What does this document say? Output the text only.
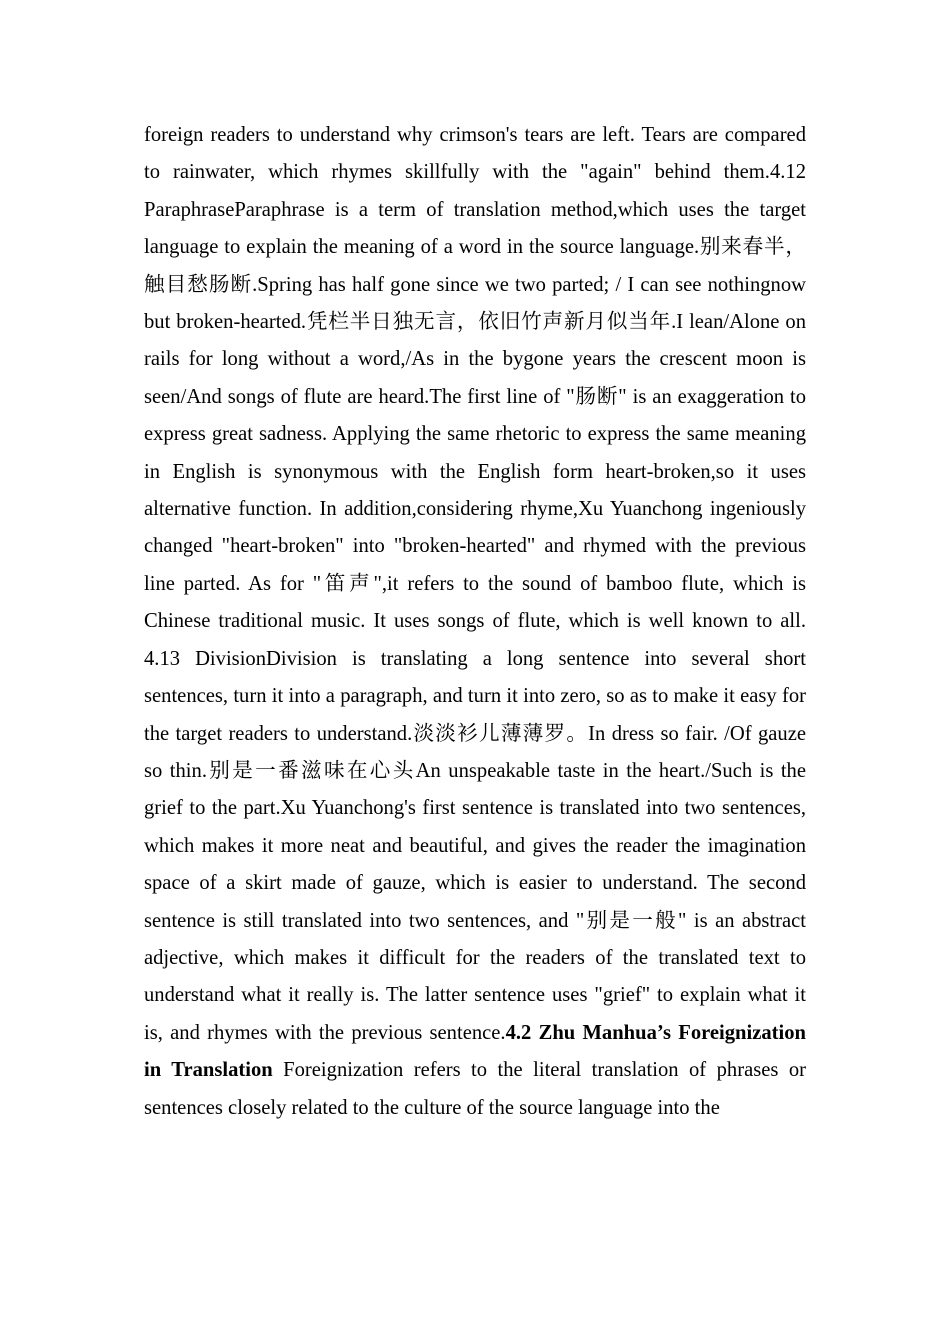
foreign readers to understand why crimson's tears are left. Tears are compared to rainwater, which rhymes skillfully with the "again" behind them.4.12 ParaphraseParaphrase is a term of translation method,which uses the target language to explain the meaning of a word in the source language.别来春半，触目愁肠断.Spring has half gone since we two parted; / I can see nothingnow but broken-hearted.凭栏半日独无言，依旧竹声新月似当年.I lean/Alone on rails for long without a word,/As in the bygone years the crescent moon is seen/And songs of flute are heard.The first line of "肠断" is an exaggeration to express great sadness. Applying the same rhetoric to express the same meaning in English is synonymous with the English form heart-broken,so it uses alternative function. In addition,considering rhyme,Xu Yuanchong ingeniously changed "heart-broken" into "broken-hearted" and rhymed with the previous line parted. As for "笛声",it refers to the sound of bamboo flute, which is Chinese traditional music. It uses songs of flute, which is well known to all. 4.13 DivisionDivision is translating a long sentence into several short sentences, turn it into a paragraph, and turn it into zero, so as to make it easy for the target readers to understand.淡淡衫儿薄薄罗。In dress so fair. /Of gauze so thin.别是一番滋味在心头An unspeakable taste in the heart./Such is the grief to the part.Xu Yuanchong's first sentence is translated into two sentences, which makes it more neat and beautiful, and gives the reader the imagination space of a skirt made of gauze, which is easier to understand. The second sentence is still translated into two sentences, and "别是一般" is an abstract adjective, which makes it difficult for the readers of the translated text to understand what it really is. The latter sentence uses "grief" to explain what it is, and rhymes with the previous sentence.4.2 Zhu Manhua’s Foreignization in Translation Foreignization refers to the literal translation of phrases or sentences closely related to the culture of the source language into the
